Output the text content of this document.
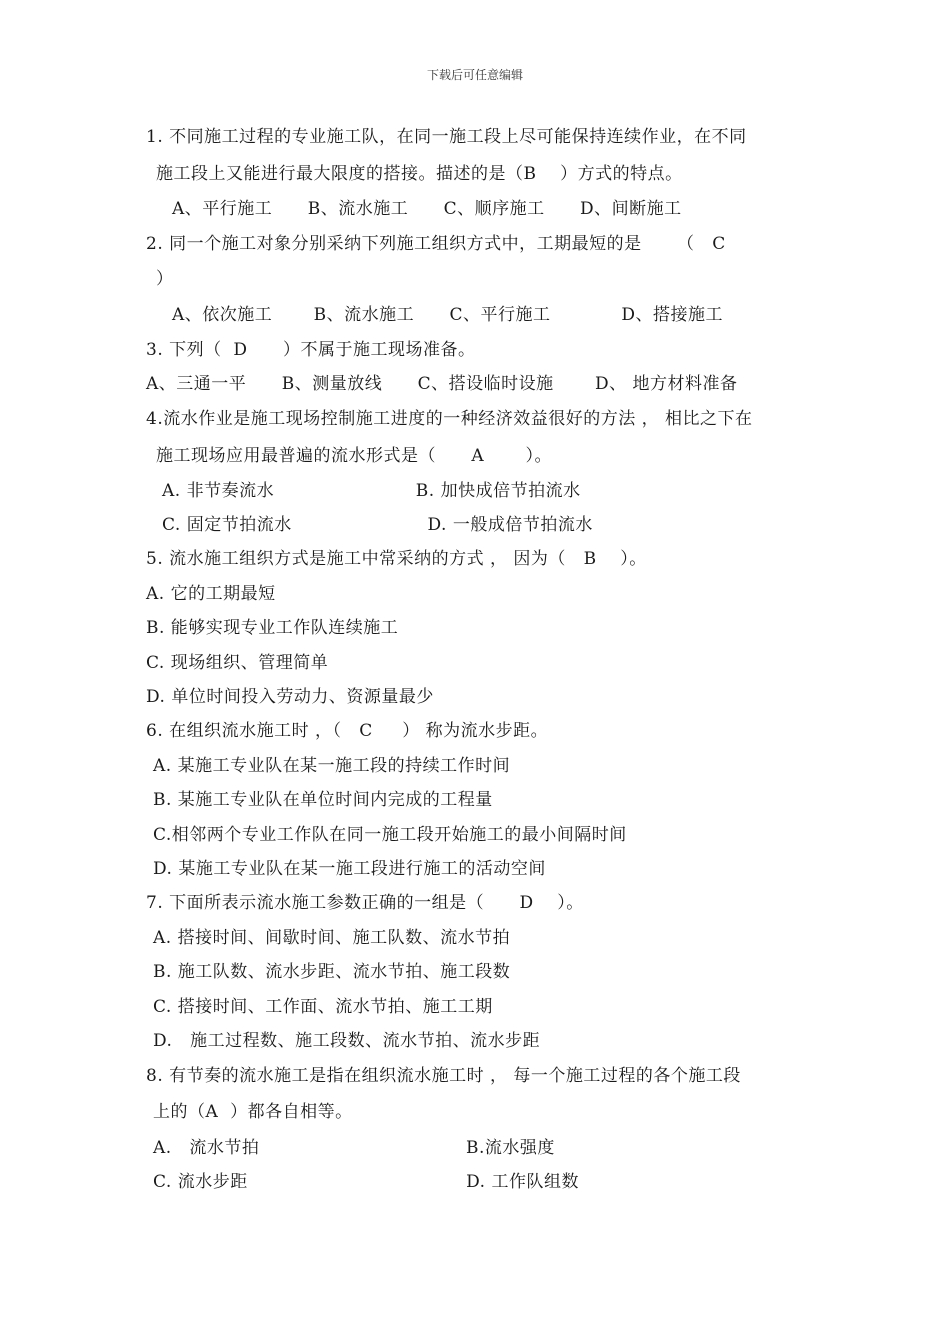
下载后可任意编辑
1. 不同施工过程的专业施工队，在同一施工段上尽可能保持连续作业，在不同
施工段上又能进行最大限度的搭接。描述的是（B    ）方式的特点。
A、平行施工      B、流水施工      C、顺序施工      D、间断施工
2. 同一个施工对象分别采纳下列施工组织方式中，工期最短的是      （   C
）
A、依次施工       B、流水施工      C、平行施工            D、搭接施工
3. 下列（  D      ）不属于施工现场准备。
A、三通一平      B、测量放线      C、搭设临时设施       D、 地方材料准备
4.流水作业是施工现场控制施工进度的一种经济效益很好的方法 ， 相比之下在
施工现场应用最普遍的流水形式是（      A       ）。
A. 非节奏流水                        B. 加快成倍节拍流水
C. 固定节拍流水                       D. 一般成倍节拍流水
5. 流水施工组织方式是施工中常采纳的方式 ， 因为（   B    ）。
A. 它的工期最短
B. 能够实现专业工作队连续施工
C. 现场组织、管理简单
D. 单位时间投入劳动力、资源量最少
6. 在组织流水施工时 ，（   C     ） 称为流水步距。
A. 某施工专业队在某一施工段的持续工作时间
B. 某施工专业队在单位时间内完成的工程量
C.相邻两个专业工作队在同一施工段开始施工的最小间隔时间
D. 某施工专业队在某一施工段进行施工的活动空间
7. 下面所表示流水施工参数正确的一组是（      D    ）。
A. 搭接时间、间歇时间、施工队数、流水节拍
B. 施工队数、流水步距、流水节拍、施工段数
C. 搭接时间、工作面、流水节拍、施工工期
D.   施工过程数、施工段数、流水节拍、流水步距
8. 有节奏的流水施工是指在组织流水施工时 ， 每一个施工过程的各个施工段
上的（A  ）都各自相等。
A.   流水节拍                                   B.流水强度
C. 流水步距                                     D. 工作队组数
